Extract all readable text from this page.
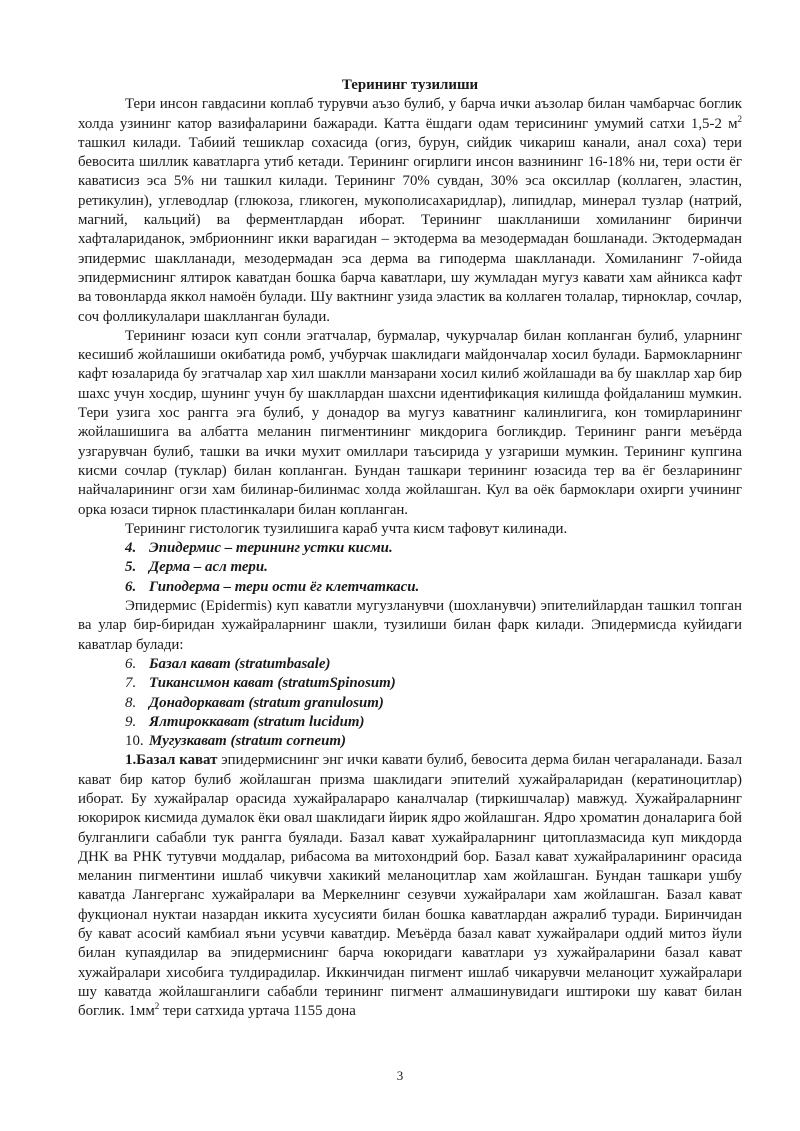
Терининг тузилиши

Тери инсон гавдасини коплаб турувчи аъзо булиб, у барча ички аъзолар билан чамбарчас боглик холда узининг катор вазифаларини бажаради. Катта ёшдаги одам терисининг умумий сатхи 1,5-2 $м^2$ ташкил килади. Табиий тешиклар сохасида (огиз, бурун, сийдик чикариш канали, анал соха) тери бевосита шиллик каватларга утиб кетади. Терининг огирлиги инсон вазнининг 16-18% ни, тери ости ёг каватисиз эса 5% ни ташкил килади. Терининг 70% сувдан, 30% эса оксиллар (коллаген, эластин, ретикулин), углеводлар (глюкоза, гликоген, мукополисахаридлар), липидлар, минерал тузлар (натрий, магний, кальций) ва ферментлардан иборат. Терининг шаклланиши хомиланинг биринчи хафталариданок, эмбрионнинг икки варагидан – эктодерма ва мезодермадан бошланади. Эктодермадан эпидермис шаклланади, мезодермадан эса дерма ва гиподерма шаклланади. Хомиланинг 7-ойида эпидермиснинг ялтирок каватдан бошка барча каватлари, шу жумладан мугуз кавати хам айникса кафт ва товонларда яккол намоён булади. Шу вактнинг узида эластик ва коллаген толалар, тирноклар, сочлар, соч фолликулалари шаклланган булади.

Терининг юзаси куп сонли эгатчалар, бурмалар, чукурчалар билан копланган булиб, уларнинг кесишиб жойлашиши окибатида ромб, учбурчак шаклидаги майдончалар хосил булади. Бармокларнинг кафт юзаларида бу эгатчалар хар хил шаклли манзарани хосил килиб жойлашади ва бу шакллар хар бир шахс учун хосдир, шунинг учун бу шакллардан шахсни идентификация килишда фойдаланиш мумкин. Тери узига хос рангга эга булиб, у донадор ва мугуз каватнинг калинлигига, кон томирларининг жойлашишига ва албатта меланин пигментининг микдорига богликдир. Терининг ранги меъёрда узгарувчан булиб, ташки ва ички мухит омиллари таъсирида у узгариши мумкин. Терининг купгина кисми сочлар (туклар) билан копланган. Бундан ташкари терининг юзасида тер ва ёг безларининг найчаларининг огзи хам билинар-билинмас холда жойлашган. Кул ва оёк бармоклари охирги учининг орка юзаси тирнок пластинкалари билан копланган.

Терининг гистологик тузилишига караб учта кисм тафовут килинади.

4. Эпидермис – терининг устки кисми.
5. Дерма – асл тери.
6. Гиподерма – тери ости ёг клетчаткаси.

Эпидермис (Epidermis) куп каватли мугузланувчи (шохланувчи) эпителийлардан ташкил топган ва улар бир-биридан хужайраларнинг шакли, тузилиши билан фарк килади. Эпидермисда куйидаги каватлар булади:

6. Базал кават (stratumbasale)
7. Тикансимон кават (stratumSpinosum)
8. Донадоркават (stratum granulosum)
9. Ялтироккават (stratum lucidum)
10. Мугузкават (stratum corneum)

1.Базал кават эпидермиснинг энг ички кавати булиб, бевосита дерма билан чегараланади. Базал кават бир катор булиб жойлашган призма шаклидаги эпителий хужайраларидан (кератиноцитлар) иборат. Бу хужайралар орасида хужайралараро каналчалар (тиркишчалар) мавжуд. Хужайраларнинг юкорирок кисмида думалок ёки овал шаклидаги йирик ядро жойлашган. Ядро хроматин доналарига бой булганлиги сабабли тук рангга буялади. Базал кават хужайраларнинг цитоплазмасида куп микдорда ДНК ва РНК тутувчи моддалар, рибасома ва митохондрий бор. Базал кават хужайраларининг орасида меланин пигментини ишлаб чикувчи хакикий меланоцитлар хам жойлашган. Бундан ташкари ушбу каватда Лангерганс хужайралари ва Меркелнинг сезувчи хужайралари хам жойлашган. Базал кават фукционал нуктаи назардан иккита хусусияти билан бошка каватлардан ажралиб туради. Биринчидан бу кават асосий камбиал яъни усувчи каватдир. Меъёрда базал кават хужайралари оддий митоз йули билан купаядилар ва эпидермиснинг барча юкоридаги каватлари уз хужайраларини базал кават хужайралари хисобига тулдирадилар. Иккинчидан пигмент ишлаб чикарувчи меланоцит хужайралари шу каватда жойлашганлиги сабабли терининг пигмент алмашинувидаги иштироки шу кават билан боглик. $1мм^2$ тери сатхида уртача 1155 дона

3
